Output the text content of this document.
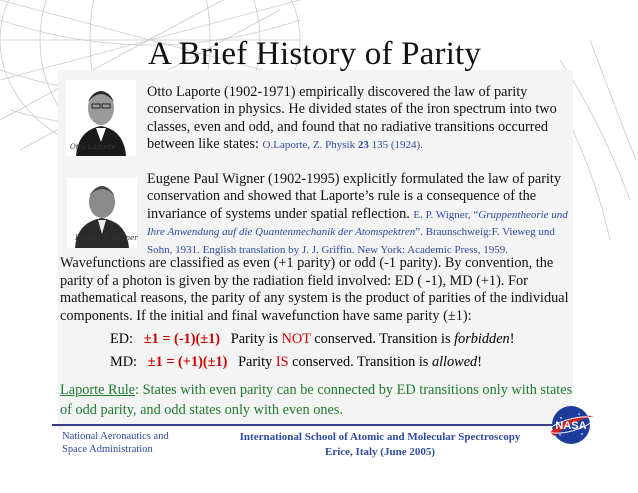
A Brief History of Parity
Otto Laporte
Eugene P. Wigner
Otto Laporte (1902-1971) empirically discovered the law of parity conservation in physics. He divided states of the iron spectrum into two classes, even and odd, and found that no radiative transitions occurred between like states: O.Laporte, Z. Physik 23 135 (1924).
Eugene Paul Wigner (1902-1995) explicitly formulated the law of parity conservation and showed that Laporte’s rule is a consequence of the invariance of systems under spatial reflection. E. P. Wigner, “Gruppentheorie und Ihre Anwendung auf die Quantenmechanik der Atomspektren”. Braunschweig:F. Vieweg und Sohn, 1931. English translation by J. J. Griffin. New York: Academic Press, 1959.
Wavefunctions are classified as even (+1 parity) or odd (-1 parity). By convention, the parity of a photon is given by the radiation field involved: ED ( -1), MD (+1). For mathematical reasons, the parity of any system is the product of parities of the individual components. If the initial and final wavefunction have same parity (±1):
ED: ±1 = (-1)(±1) Parity is NOT conserved. Transition is forbidden!
MD: ±1 = (+1)(±1) Parity IS conserved. Transition is allowed!
Laporte Rule: States with even parity can be connected by ED transitions only with states of odd parity, and odd states only with even ones.
National Aeronautics and
Space Administration
International School of Atomic and Molecular Spectroscopy
Erice, Italy (June 2005)
NASA
